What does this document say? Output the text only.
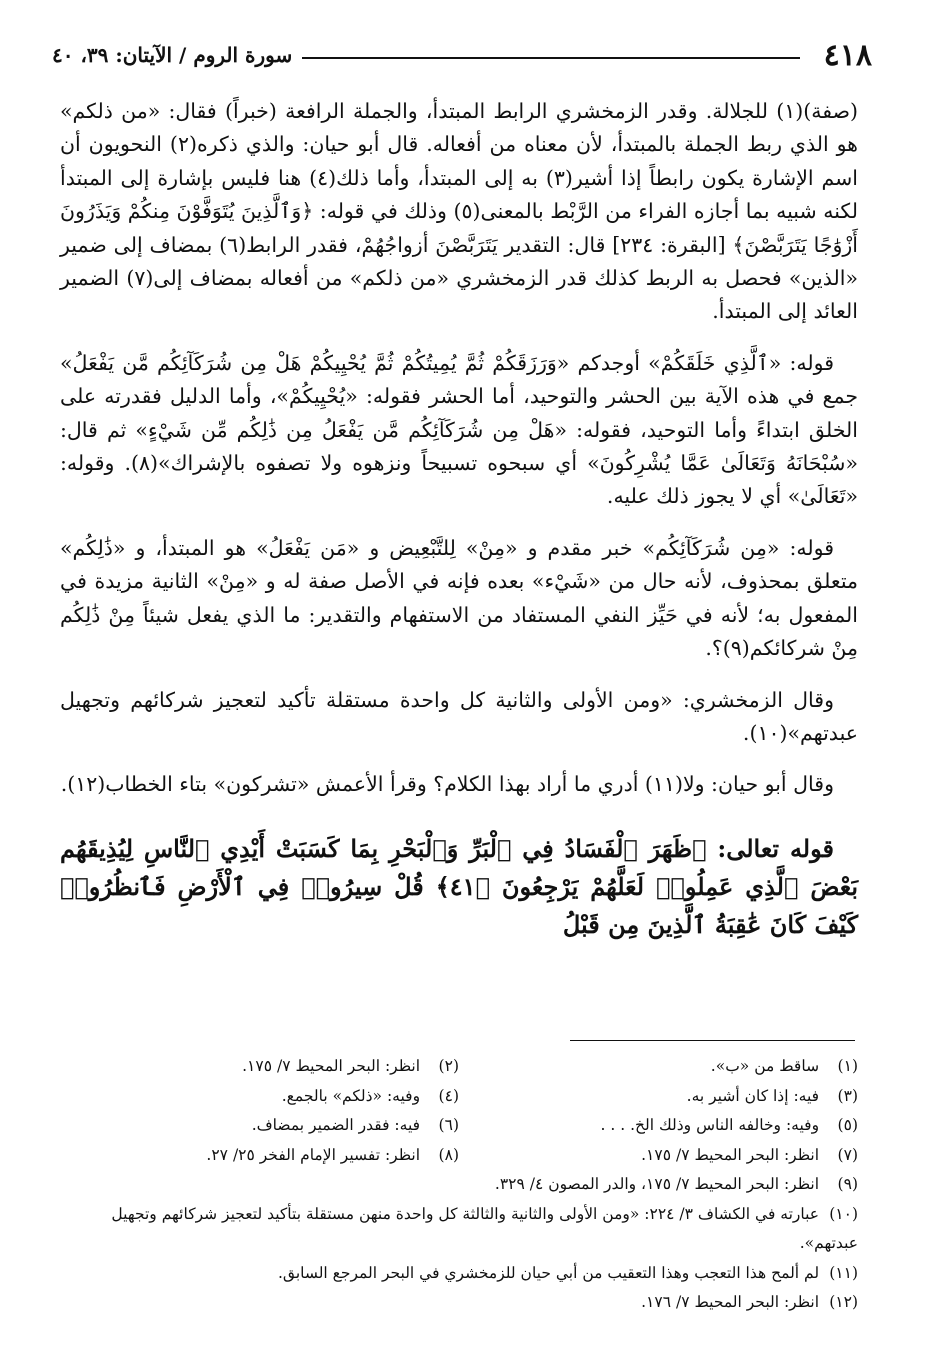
٤١٨
سورة الروم / الآيتان: ٣٩، ٤٠

(صفة)(١) للجلالة. وقدر الزمخشري الرابط المبتدأ، والجملة الرافعة (خبراً) فقال: «من ذلكم» هو الذي ربط الجملة بالمبتدأ، لأن معناه من أفعاله. قال أبو حيان: والذي ذكره(٢) النحويون أن اسم الإشارة يكون رابطاً إذا أشير(٣) به إلى المبتدأ، وأما ذلك(٤) هنا فليس بإشارة إلى المبتدأ لكنه شبيه بما أجازه الفراء من الرَّبْط بالمعنى(٥) وذلك في قوله: ﴿وَٱلَّذِينَ يُتَوَفَّوْنَ مِنكُمْ وَيَذَرُونَ أَزْوَٰجًا يَتَرَبَّصْنَ﴾ [البقرة: ٢٣٤] قال: التقدير يَتَرَبَّصْنَ أزواجُهُمْ، فقدر الرابط(٦) بمضاف إلى ضمير «الذين» فحصل به الربط كذلك قدر الزمخشري «من ذلكم» من أفعاله بمضاف إلى(٧) الضمير العائد إلى المبتدأ.

قوله: «ٱلَّذِي خَلَقَكُمْ» أوجدكم «وَرَزَقَكُمْ ثُمَّ يُمِيتُكُمْ ثُمَّ يُحْيِيكُمْ هَلْ مِن شُرَكَآئِكُم مَّن يَفْعَلُ» جمع في هذه الآية بين الحشر والتوحيد، أما الحشر فقوله: «يُحْيِيكُمْ»، وأما الدليل فقدرته على الخلق ابتداءً وأما التوحيد، فقوله: «هَلْ مِن شُرَكَآئِكُم مَّن يَفْعَلُ مِن ذَٰلِكُم مِّن شَيْءٍ» ثم قال: «سُبْحَانَهُ وَتَعَالَىٰ عَمَّا يُشْرِكُونَ» أي سبحوه تسبيحاً ونزهوه ولا تصفوه بالإشراك»(٨). وقوله: «تَعَالَىٰ» أي لا يجوز ذلك عليه.

قوله: «مِن شُرَكَآئِكُم» خبر مقدم و «مِنْ» لِلتَّبْعِيض و «مَن يَفْعَلُ» هو المبتدأ، و «ذَٰلِكُم» متعلق بمحذوف، لأنه حال من «شَيْء» بعده فإنه في الأصل صفة له و «مِنْ» الثانية مزيدة في المفعول به؛ لأنه في حَيِّز النفي المستفاد من الاستفهام والتقدير: ما الذي يفعل شيئاً مِنْ ذَٰلِكُم مِنْ شركائكم(٩)؟.

وقال الزمخشري: «ومن الأولى والثانية كل واحدة مستقلة تأكيد لتعجيز شركائهم وتجهيل عبدتهم»(١٠).

وقال أبو حيان: ولا(١١) أدري ما أراد بهذا الكلام؟ وقرأ الأعمش «تشركون» بتاء الخطاب(١٢).

قوله تعالى: ﴿ظَهَرَ ٱلْفَسَادُ فِي ٱلْبَرِّ وَٱلْبَحْرِ بِمَا كَسَبَتْ أَيْدِي ٱلنَّاسِ لِيُذِيقَهُم بَعْضَ ٱلَّذِي عَمِلُوا۟ لَعَلَّهُمْ يَرْجِعُونَ ﴿٤١﴾ قُلْ سِيرُوا۟ فِي ٱلْأَرْضِ فَٱنظُرُوا۟ كَيْفَ كَانَ عَٰقِبَةُ ٱلَّذِينَ مِن قَبْلُ

(١) ساقط من «ب».
(٢) انظر: البحر المحيط ٧/ ١٧٥.
(٣) فيه: إذا كان أشير به.
(٤) وفيه: «ذلكم» بالجمع.
(٥) وفيه: وخالفه الناس وذلك الخ. . . .
(٦) فيه: فقدر الضمير بمضاف.
(٧) انظر: البحر المحيط ٧/ ١٧٥.
(٨) انظر: تفسير الإمام الفخر ٢٥/ ٢٧.
(٩) انظر: البحر المحيط ٧/ ١٧٥، والدر المصون ٤/ ٣٢٩.
(١٠) عبارته في الكشاف ٣/ ٢٢٤: «ومن الأولى والثانية والثالثة كل واحدة منهن مستقلة بتأكيد لتعجيز شركائهم وتجهيل عبدتهم».
(١١) لم ألمح هذا التعجب وهذا التعقيب من أبي حيان للزمخشري في البحر المرجع السابق.
(١٢) انظر: البحر المحيط ٧/ ١٧٦.
